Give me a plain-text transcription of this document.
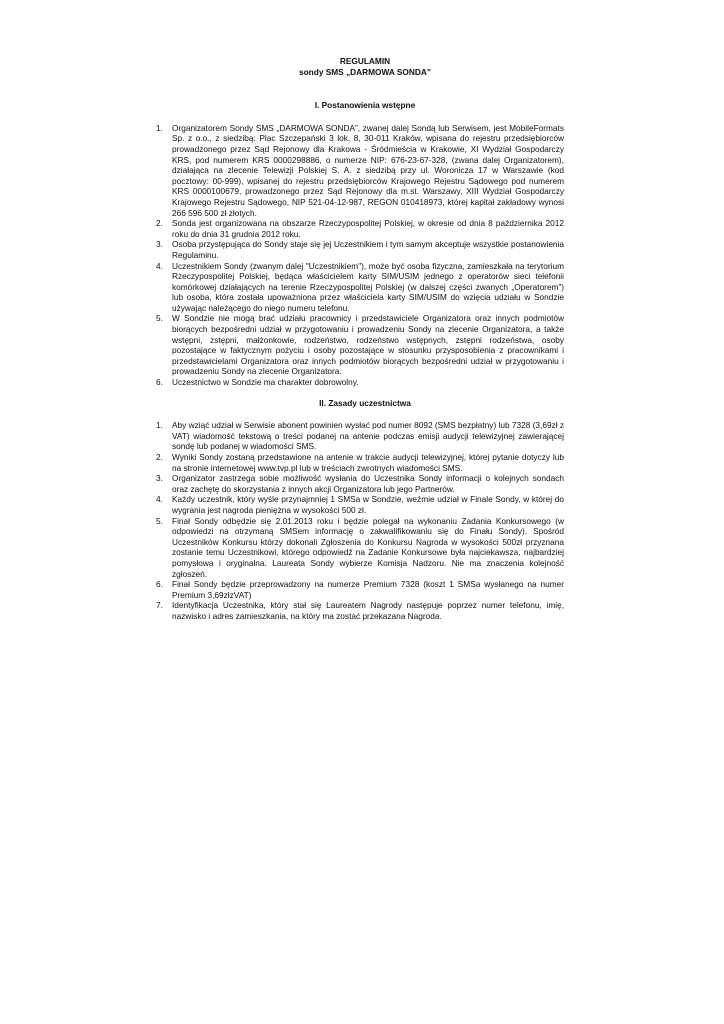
REGULAMIN

sondy SMS „DARMOWA SONDA”

I. Postanowienia wstępne

1. Organizatorem Sondy SMS „DARMOWA SONDA”, zwanej dalej Sondą lub Serwisem, jest MobileFormats Sp. z o.o., z siedzibą: Plac Szczepański 3 lok. 8, 30-011 Kraków, wpisana do rejestru przedsiębiorców prowadzonego przez Sąd Rejonowy dla Krakowa - Śródmieścia w Krakowie, XI Wydział Gospodarczy KRS, pod numerem KRS 0000298886, o numerze NIP: 676-23-67-328, (zwana dalej Organizatorem), działająca na zlecenie Telewizji Polskiej S. A. z siedzibą przy ul. Woronicza 17 w Warszawie (kod pocztowy: 00-999), wpisanej do rejestru przedsiębiorców Krajowego Rejestru Sądowego pod numerem KRS 0000100679, prowadzonego przez Sąd Rejonowy dla m.st. Warszawy, XIII Wydział Gospodarczy Krajowego Rejestru Sądowego, NIP 521-04-12-987, REGON 010418973, której kapitał zakładowy wynosi 266 596 500 zł złotych.
2. Sonda jest organizowana na obszarze Rzeczypospolitej Polskiej, w okresie od dnia 8 października 2012 roku do dnia 31 grudnia 2012 roku.
3. Osoba przystępująca do Sondy staje się jej Uczestnikiem i tym samym akceptuje wszystkie postanowienia Regulaminu.
4. Uczestnikiem Sondy (zwanym dalej "Uczestnikiem"), może być osoba fizyczna, zamieszkała na terytorium Rzeczypospolitej Polskiej, będąca właścicielem karty SIM/USIM jednego z operatorów sieci telefonii komórkowej działających na terenie Rzeczypospolitej Polskiej (w dalszej części zwanych „Operatorem”) lub osoba, która została upoważniona przez właściciela karty SIM/USIM do wzięcia udziału w Sondzie używając należącego do niego numeru telefonu.
5. W Sondzie nie mogą brać udziału pracownicy i przedstawiciele Organizatora oraz innych podmiotów biorących bezpośredni udział w przygotowaniu i prowadzeniu Sondy na zlecenie Organizatora, a także wstępni, zstępni, małżonkowie, rodzeństwo, rodzeństwo wstępnych, zstępni rodzeństwa, osoby pozostające w faktycznym pożyciu i osoby pozostające w stosunku przysposobienia z pracownikami i przedstawicielami Organizatora oraz innych podmiotów biorących bezpośredni udział w przygotowaniu i prowadzeniu Sondy na zlecenie Organizatora.
6. Uczestnictwo w Sondzie ma charakter dobrowolny.

II. Zasady uczestnictwa

1. Aby wziąć udział w Serwisie abonent powinien wysłać pod numer 8092 (SMS bezpłatny) lub 7328 (3,69zł z VAT) wiadomość tekstową o treści podanej na antenie podczas emisji audycji telewizyjnej zawierającej sondę lub podanej w wiadomości SMS.
2. Wyniki Sondy zostaną przedstawione na antenie w trakcie audycji telewizyjnej, której pytanie dotyczy lub na stronie internetowej www.tvp.pl lub w treściach zwrotnych wiadomości SMS.
3. Organizator zastrzega sobie możliwość wysłania do Uczestnika Sondy informacji o kolejnych sondach oraz zachętę do skorzystania z innych akcji Organizatora lub jego Partnerów.
4. Każdy uczestnik, który wyśle przynajmniej 1 SMSa w Sondzie, weźmie udział w Finale Sondy, w której do wygrania jest nagroda pieniężna w wysokości 500 zł.
5. Finał Sondy odbędzie się 2.01.2013 roku i będzie polegał na wykonaniu Zadania Konkursowego (w odpowiedzi na otrzymaną SMSem informację o zakwalifikowaniu się do Finału Sondy). Spośród Uczestników Konkursu którzy dokonali Zgłoszenia do Konkursu Nagroda w wysokości 500zł przyznana zostanie temu Uczestnikowi, którego odpowiedź na Zadanie Konkursowe była najciekawsza, najbardziej pomysłowa i oryginalna. Laureata Sondy wybierze Komisja Nadzoru. Nie ma znaczenia kolejność zgłoszeń.
6. Finał Sondy będzie przeprowadzony na numerze Premium 7328 (koszt 1 SMSa wysłanego na numer Premium 3,69złzVAT)
7. Identyfikacja Uczestnika, który stał się Laureatem Nagrody następuje poprzez numer telefonu, imię, nazwisko i adres zamieszkania, na który ma zostać przekazana Nagroda.
